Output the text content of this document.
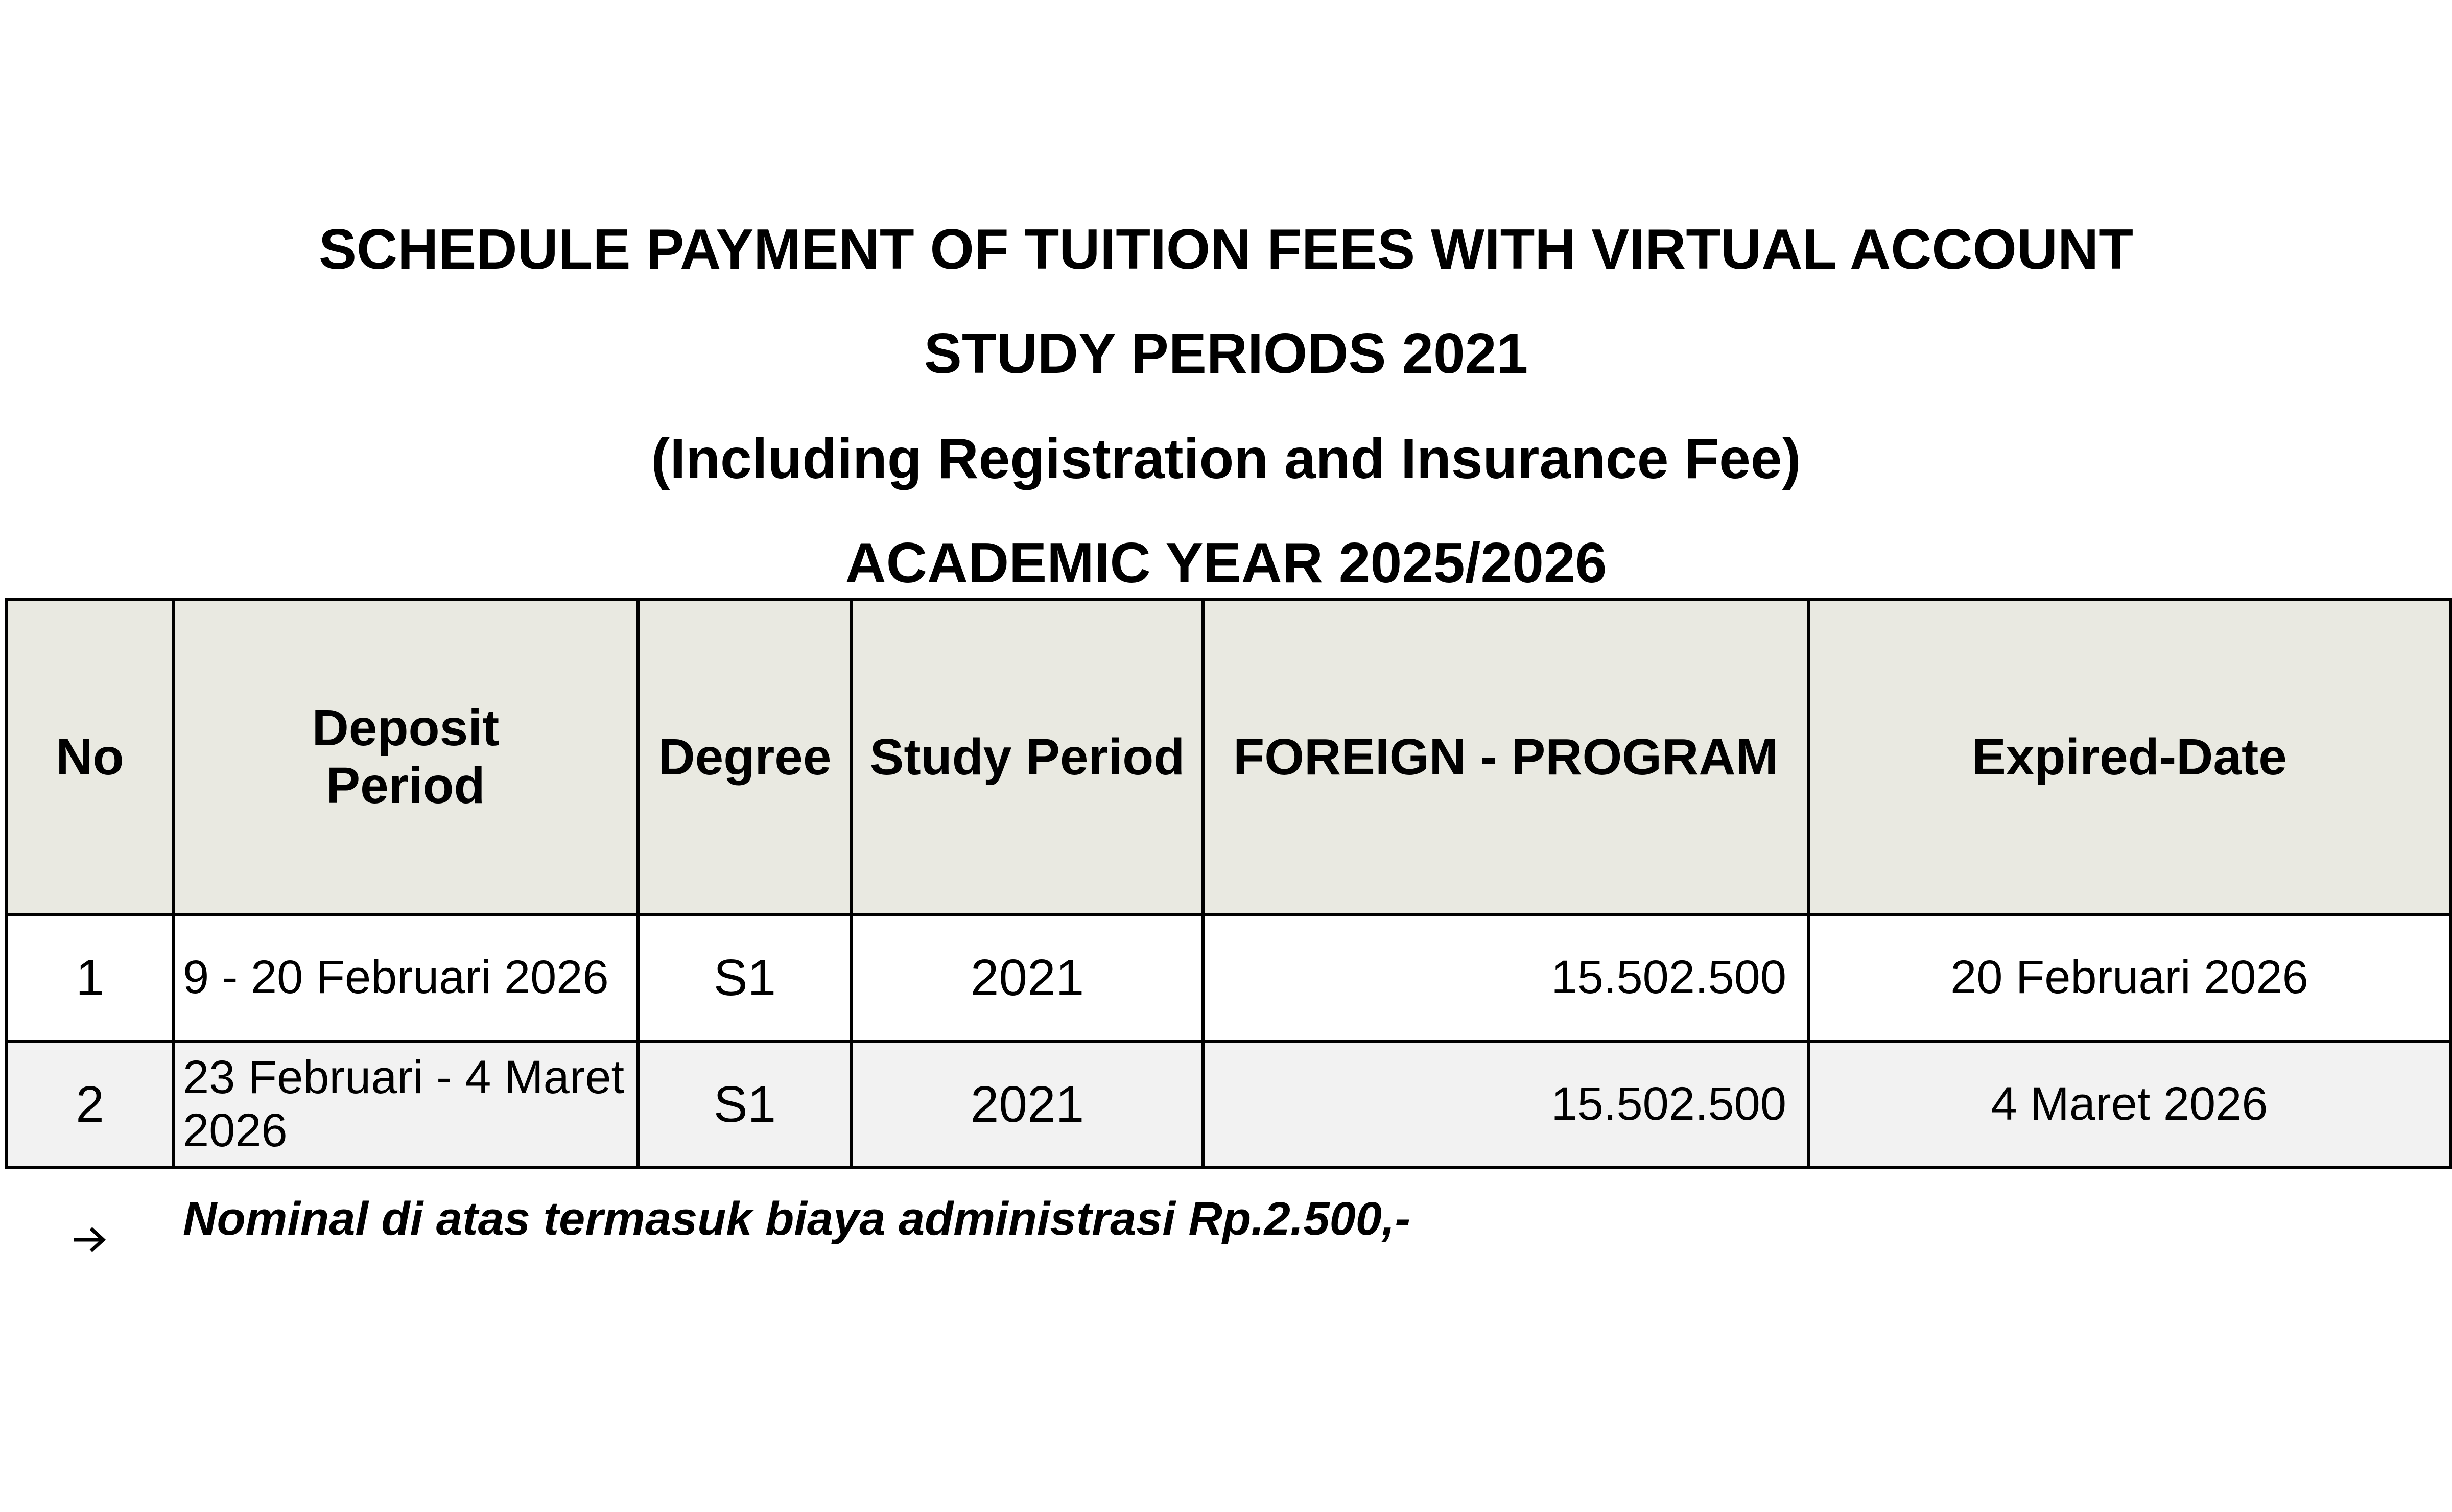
SCHEDULE PAYMENT OF TUITION FEES WITH VIRTUAL ACCOUNT
STUDY PERIODS 2021
(Including Registration and Insurance Fee)
ACADEMIC YEAR 2025/2026
No	Deposit Period	Degree	Study Period	FOREIGN - PROGRAM	Expired-Date
1	9 - 20 Februari 2026	S1	2021	15.502.500	20 Februari 2026
2	23 Februari - 4 Maret 2026	S1	2021	15.502.500	4 Maret 2026
Nominal di atas termasuk biaya administrasi Rp.2.500,-
